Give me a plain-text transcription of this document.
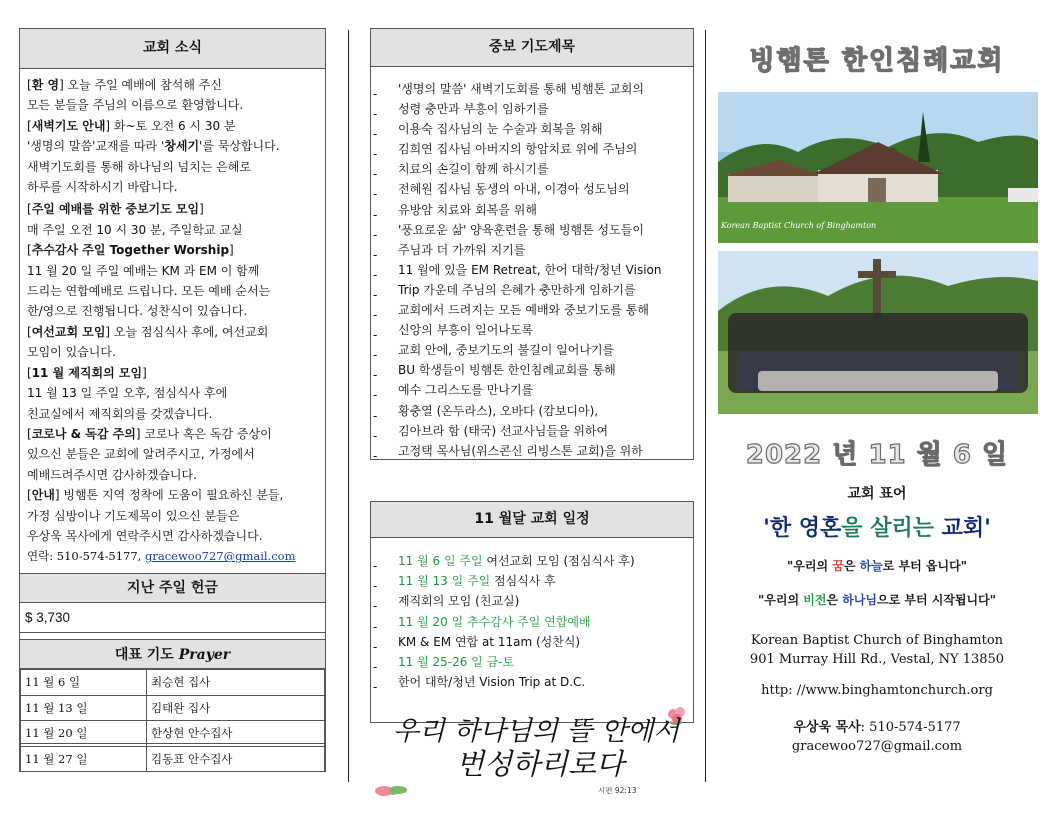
교회 소식

[환 영] 오늘 주일 예배에 참석해 주신

모든 분들을 주님의 이름으로 환영합니다.

[새벽기도 안내] 화~토 오전 6 시 30 분

'생명의 말씀'교재를 따라 '창세기'를 묵상합니다.

새벽기도회를 통해 하나님의 넘치는 은혜로

하루를 시작하시기 바랍니다.

[주일 예배를 위한 중보기도 모임]

매 주일 오전 10 시 30 분, 주일학교 교실

[추수감사 주일 Together Worship]

11 월 20 일 주일 예배는 KM 과 EM 이 함께

드리는 연합예배로 드립니다. 모든 예배 순서는

한/영으로 진행됩니다. 성찬식이 있습니다.

[여선교회 모임] 오늘 점심식사 후에, 여선교회

모임이 있습니다.

[11 월 제직회의 모임]

11 월 13 일 주일 오후, 점심식사 후에

친교실에서 제직회의를 갖겠습니다.

[코로나 & 독감 주의] 코로나 혹은 독감 증상이

있으신 분들은 교회에 알려주시고, 가정에서

예배드려주시면 감사하겠습니다.

[안내] 빙햄톤 지역 정착에 도움이 필요하신 분들,

가정 심방이나 기도제목이 있으신 분들은

우상욱 목사에게 연락주시면 감사하겠습니다.

연락: 510-574-5177, gracewoo727@gmail.com

지난 주일 헌금
$ 3,730
대표 기도 Prayer
11 월 6 일	최승현 집사
11 월 13 일	김태완 집사
11 월 20 일	한상현 안수집사
11 월 27 일	김동표 안수집사
중보 기도제목
- '생명의 말씀' 새벽기도회를 통해 빙햄톤 교회의
- 성령 충만과 부흥이 임하기를
- 이용숙 집사님의 눈 수술과 회복을 위해
- 김희연 집사님 아버지의 항암치료 위에 주님의
- 치료의 손길이 함께 하시기를
- 전혜원 집사님 동생의 아내, 이경아 성도님의
- 유방암 치료와 회복을 위해
- '풍요로운 삶' 양육훈련을 통해 빙햄톤 성도들이
- 주님과 더 가까워 지기를
- 11 월에 있을 EM Retreat, 한어 대학/청년 Vision
- Trip 가운데 주님의 은혜가 충만하게 임하기를
- 교회에서 드려지는 모든 예배와 중보기도를 통해
- 신앙의 부흥이 일어나도록
- 교회 안에, 중보기도의 불길이 일어나기를
- BU 학생들이 빙햄톤 한인침례교회를 통해
- 예수 그리스도를 만나기를
- 황충열 (온두라스), 오바다 (캄보디아),
- 김아브라 함 (태국) 선교사님들을 위하여
- 고정택 목사님(위스콘신 리빙스톤 교회)을 위하
11 월달 교회 일정
- 11 월 6 일 주일 여선교회 모임 (점심식사 후)
- 11 월 13 일 주일 점심식사 후
- 제직회의 모임 (친교실)
- 11 월 20 일 추수감사 주일 연합예배
- KM & EM 연합 at 11am (성찬식)
- 11 월 25-26 일 금-토
- 한어 대학/청년 Vision Trip at D.C.
우리 하나님의 뜰 안에서
번성하리로다
시편 92:13
빙햄톤 한인침례교회
Korean Baptist Church of Binghamton
2022 년 11 월 6 일
교회 표어
'한 영혼을 살리는 교회'
"우리의 꿈은 하늘로 부터 옵니다"
"우리의 비전은 하나님으로 부터 시작됩니다"
Korean Baptist Church of Binghamton
901 Murray Hill Rd., Vestal, NY 13850
http: //www.binghamtonchurch.org
우상욱 목사: 510-574-5177
gracewoo727@gmail.com
